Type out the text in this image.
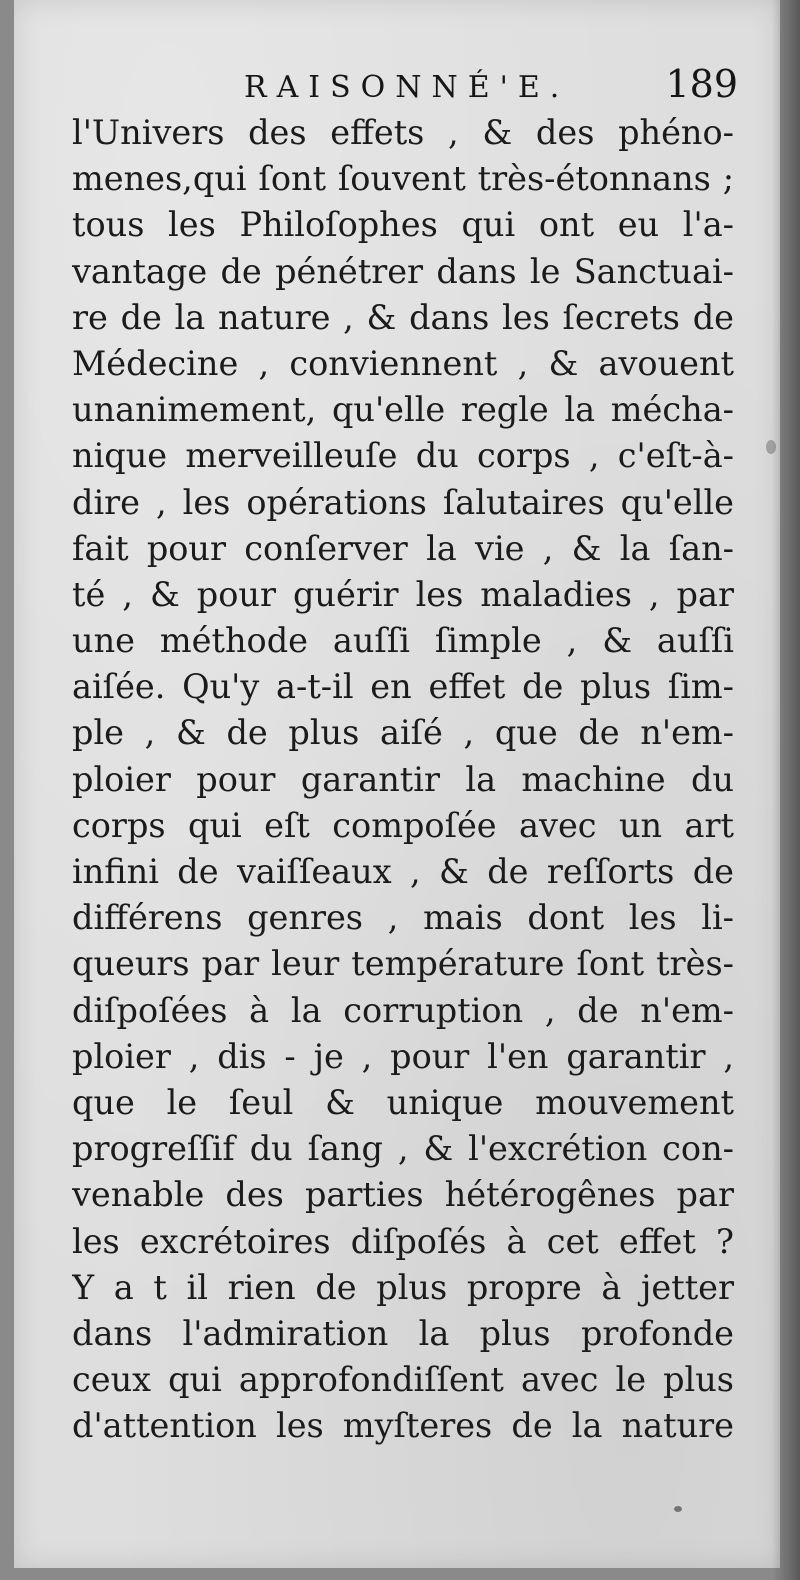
RAISONNÉ'E.	189
l'Univers des effets , & des phéno-
menes,qui ſont ſouvent très-étonnans ;
tous les Philoſophes qui ont eu l'a-
vantage de pénétrer dans le Sanctuai-
re de la nature , & dans les ſecrets de
Médecine , conviennent , & avouent
unanimement, qu'elle regle la mécha-
nique merveilleuſe du corps , c'eſt-à-
dire , les opérations ſalutaires qu'elle
fait pour conſerver la vie , & la ſan-
té , & pour guérir les maladies , par
une méthode auſſi ſimple , & auſſi
aiſée. Qu'y a-t-il en effet de plus ſim-
ple , & de plus aiſé , que de n'em-
ploier pour garantir la machine du
corps qui eſt compoſée avec un art
infini de vaiſſeaux , & de reſſorts de
différens genres , mais dont les li-
queurs par leur température ſont très-
diſpoſées à la corruption , de n'em-
ploier , dis - je , pour l'en garantir ,
que le ſeul & unique mouvement
progreſſif du ſang , & l'excrétion con-
venable des parties hétérogênes par
les excrétoires diſpoſés à cet effet ?
Y a t il rien de plus propre à jetter
dans l'admiration la plus profonde
ceux qui approfondiſſent avec le plus
d'attention les myſteres de la nature
